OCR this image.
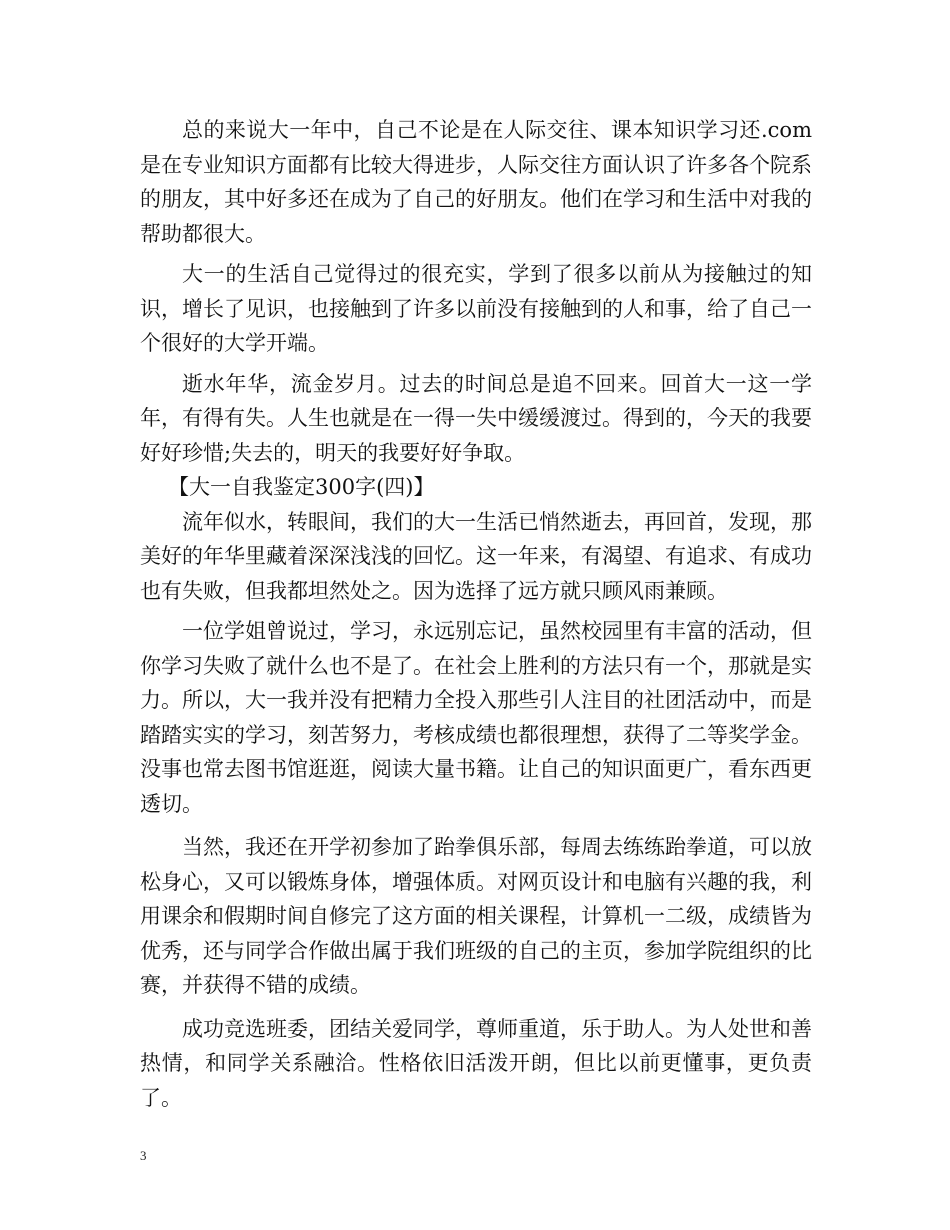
总的来说大一年中，自己不论是在人际交往、课本知识学习还.com是在专业知识方面都有比较大得进步，人际交往方面认识了许多各个院系的朋友，其中好多还在成为了自己的好朋友。他们在学习和生活中对我的帮助都很大。

大一的生活自己觉得过的很充实，学到了很多以前从为接触过的知识，增长了见识，也接触到了许多以前没有接触到的人和事，给了自己一个很好的大学开端。

逝水年华，流金岁月。过去的时间总是追不回来。回首大一这一学年，有得有失。人生也就是在一得一失中缓缓渡过。得到的，今天的我要好好珍惜;失去的，明天的我要好好争取。

【大一自我鉴定300字(四)】

流年似水，转眼间，我们的大一生活已悄然逝去，再回首，发现，那美好的年华里藏着深深浅浅的回忆。这一年来，有渴望、有追求、有成功也有失败，但我都坦然处之。因为选择了远方就只顾风雨兼顾。

一位学姐曾说过，学习，永远别忘记，虽然校园里有丰富的活动，但你学习失败了就什么也不是了。在社会上胜利的方法只有一个，那就是实力。所以，大一我并没有把精力全投入那些引人注目的社团活动中，而是踏踏实实的学习，刻苦努力，考核成绩也都很理想，获得了二等奖学金。没事也常去图书馆逛逛，阅读大量书籍。让自己的知识面更广，看东西更透切。

当然，我还在开学初参加了跆拳俱乐部，每周去练练跆拳道，可以放松身心，又可以锻炼身体，增强体质。对网页设计和电脑有兴趣的我，利用课余和假期时间自修完了这方面的相关课程，计算机一二级，成绩皆为优秀，还与同学合作做出属于我们班级的自己的主页，参加学院组织的比赛，并获得不错的成绩。

成功竞选班委，团结关爱同学，尊师重道，乐于助人。为人处世和善热情，和同学关系融洽。性格依旧活泼开朗，但比以前更懂事，更负责了。

3
